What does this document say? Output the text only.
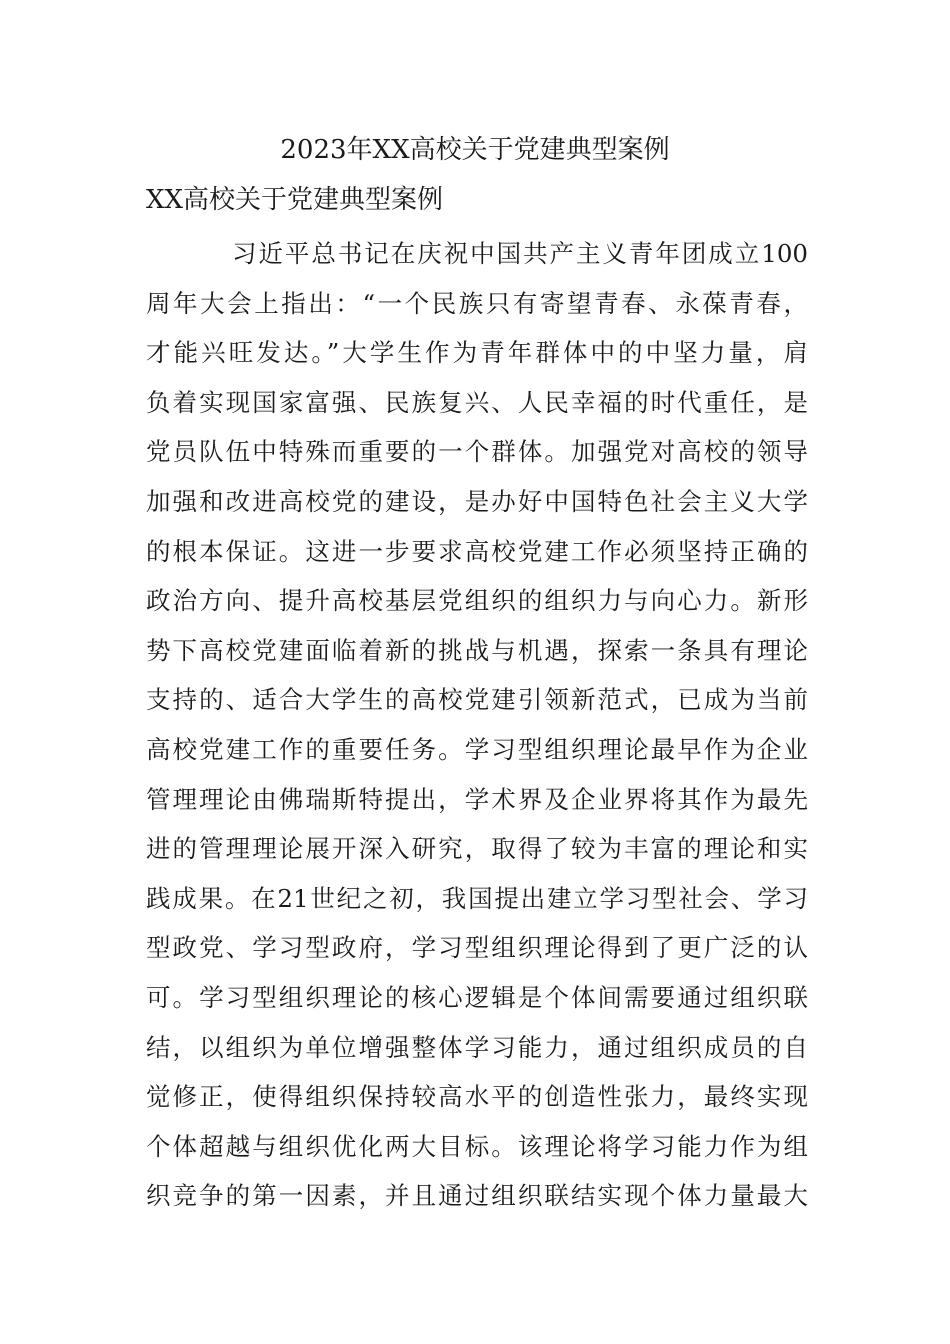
2023年XX高校关于党建典型案例
XX高校关于党建典型案例
习近平总书记在庆祝中国共产主义青年团成立100
周年大会上指出：“一个民族只有寄望青春、永葆青春，
才能兴旺发达。”大学生作为青年群体中的中坚力量，肩
负着实现国家富强、民族复兴、人民幸福的时代重任，是
党员队伍中特殊而重要的一个群体。加强党对高校的领导
加强和改进高校党的建设，是办好中国特色社会主义大学
的根本保证。这进一步要求高校党建工作必须坚持正确的
政治方向、提升高校基层党组织的组织力与向心力。新形
势下高校党建面临着新的挑战与机遇，探索一条具有理论
支持的、适合大学生的高校党建引领新范式，已成为当前
高校党建工作的重要任务。学习型组织理论最早作为企业
管理理论由佛瑞斯特提出，学术界及企业界将其作为最先
进的管理理论展开深入研究，取得了较为丰富的理论和实
践成果。在21世纪之初，我国提出建立学习型社会、学习
型政党、学习型政府，学习型组织理论得到了更广泛的认
可。学习型组织理论的核心逻辑是个体间需要通过组织联
结，以组织为单位增强整体学习能力，通过组织成员的自
觉修正，使得组织保持较高水平的创造性张力，最终实现
个体超越与组织优化两大目标。该理论将学习能力作为组
织竞争的第一因素，并且通过组织联结实现个体力量最大
